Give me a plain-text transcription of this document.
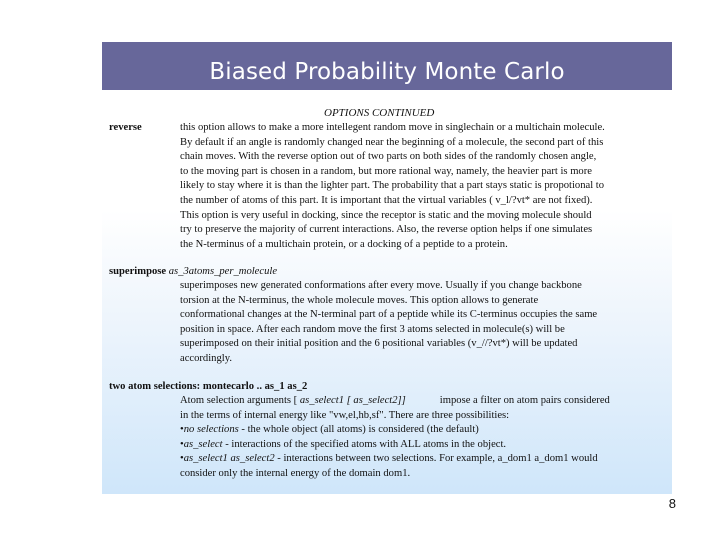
Biased Probability Monte Carlo
OPTIONS CONTINUED
reverse	this option allows to make a more intellegent random move in singlechain or a multichain molecule.
By default if an angle is randomly changed near the beginning of a molecule, the second part of this
chain moves. With the reverse option out of two parts on both sides of the randomly chosen angle,
to the moving part is chosen in a random, but more rational way, namely, the heavier part is more
likely to stay where it is than the lighter part. The probability that a part stays static is propotional to
the number of atoms of this part. It is important that the virtual variables ( v_l/?vt* are not fixed).
This option is very useful in docking, since the receptor is static and the moving molecule should
try to preserve the majority of current interactions. Also, the reverse option helps if one simulates
the N-terminus of a multichain protein, or a docking of a peptide to a protein.
superimpose as_3atoms_per_molecule
superimposes new generated conformations after every move. Usually if you change backbone
torsion at the N-terminus, the whole molecule moves. This option allows to generate
conformational changes at the N-terminal part of a peptide while its C-terminus occupies the same
position in space. After each random move the first 3 atoms selected in molecule(s) will be
superimposed on their initial position and the 6 positional variables (v_//?vt*) will be updated
accordingly.
two atom selections: montecarlo .. as_1 as_2
Atom selection arguments [ as_select1 [ as_select2]]	impose a filter on atom pairs considered
in the terms of internal energy like "vw,el,hb,sf". There are three possibilities:
•no selections - the whole object (all atoms) is considered (the default)
•as_select - interactions of the specified atoms with ALL atoms in the object.
•as_select1 as_select2 - interactions between two selections. For example, a_dom1 a_dom1 would
consider only the internal energy of the domain dom1.
8
